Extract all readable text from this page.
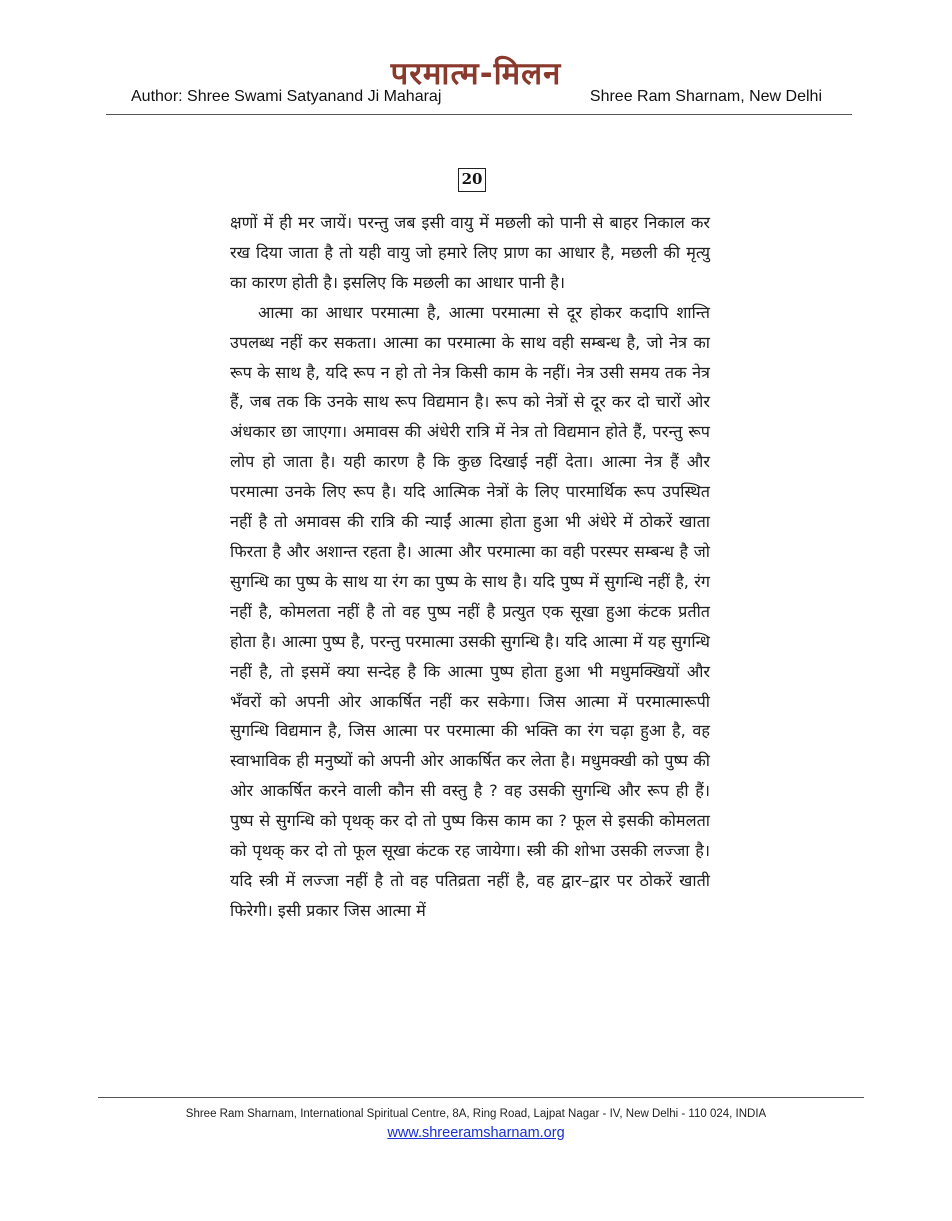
परमात्म-मिलन
Author: Shree Swami Satyanand Ji Maharaj	Shree Ram Sharnam, New Delhi
20

क्षणों में ही मर जायें। परन्तु जब इसी वायु में मछली को पानी से बाहर निकाल कर रख दिया जाता है तो यही वायु जो हमारे लिए प्राण का आधार है, मछली की मृत्यु का कारण होती है। इसलिए कि मछली का आधार पानी है।

आत्मा का आधार परमात्मा है, आत्मा परमात्मा से दूर होकर कदापि शान्ति उपलब्ध नहीं कर सकता। आत्मा का परमात्मा के साथ वही सम्बन्ध है, जो नेत्र का रूप के साथ है, यदि रूप न हो तो नेत्र किसी काम के नहीं। नेत्र उसी समय तक नेत्र हैं, जब तक कि उनके साथ रूप विद्यमान है। रूप को नेत्रों से दूर कर दो चारों ओर अंधकार छा जाएगा। अमावस की अंधेरी रात्रि में नेत्र तो विद्यमान होते हैं, परन्तु रूप लोप हो जाता है। यही कारण है कि कुछ दिखाई नहीं देता। आत्मा नेत्र हैं और परमात्मा उनके लिए रूप है। यदि आत्मिक नेत्रों के लिए पारमार्थिक रूप उपस्थित नहीं है तो अमावस की रात्रि की न्याईं आत्मा होता हुआ भी अंधेरे में ठोकरें खाता फिरता है और अशान्त रहता है। आत्मा और परमात्मा का वही परस्पर सम्बन्ध है जो सुगन्धि का पुष्प के साथ या रंग का पुष्प के साथ है। यदि पुष्प में सुगन्धि नहीं है, रंग नहीं है, कोमलता नहीं है तो वह पुष्प नहीं है प्रत्युत एक सूखा हुआ कंटक प्रतीत होता है। आत्मा पुष्प है, परन्तु परमात्मा उसकी सुगन्धि है। यदि आत्मा में यह सुगन्धि नहीं है, तो इसमें क्या सन्देह है कि आत्मा पुष्प होता हुआ भी मधुमक्खियों और भँवरों को अपनी ओर आकर्षित नहीं कर सकेगा। जिस आत्मा में परमात्मारूपी सुगन्धि विद्यमान है, जिस आत्मा पर परमात्मा की भक्ति का रंग चढ़ा हुआ है, वह स्वाभाविक ही मनुष्यों को अपनी ओर आकर्षित कर लेता है। मधुमक्खी को पुष्प की ओर आकर्षित करने वाली कौन सी वस्तु है ? वह उसकी सुगन्धि और रूप ही हैं। पुष्प से सुगन्धि को पृथक् कर दो तो पुष्प किस काम का ? फूल से इसकी कोमलता को पृथक् कर दो तो फूल सूखा कंटक रह जायेगा। स्त्री की शोभा उसकी लज्जा है। यदि स्त्री में लज्जा नहीं है तो वह पतिव्रता नहीं है, वह द्वार–द्वार पर ठोकरें खाती फिरेगी। इसी प्रकार जिस आत्मा में

Shree Ram Sharnam, International Spiritual Centre, 8A, Ring Road, Lajpat Nagar - IV, New Delhi - 110 024, INDIA
www.shreeramsharnam.org
